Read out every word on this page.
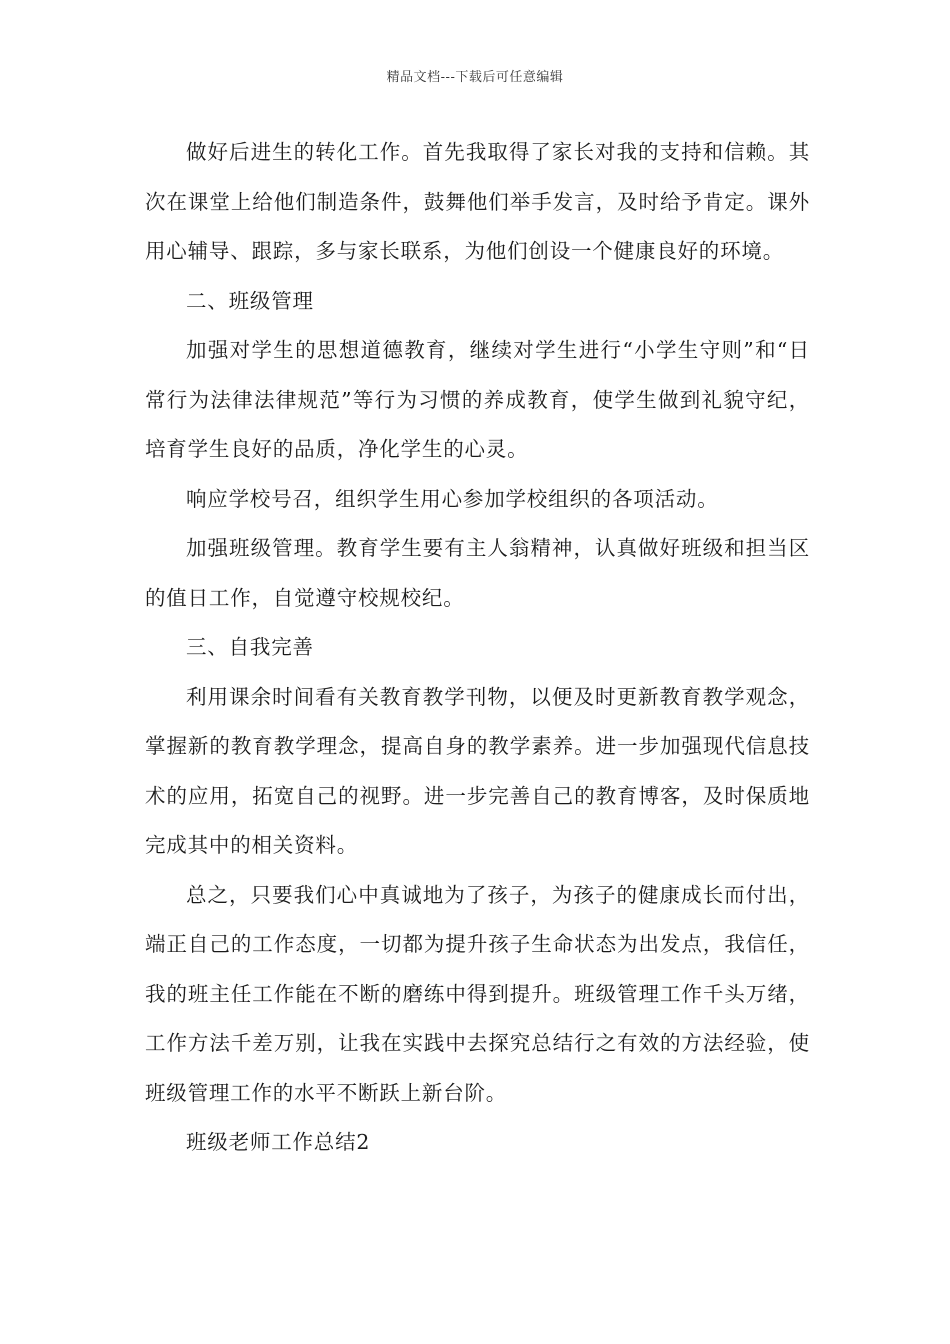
精品文档---下载后可任意编辑

做好后进生的转化工作。首先我取得了家长对我的支持和信赖。其次在课堂上给他们制造条件，鼓舞他们举手发言，及时给予肯定。课外用心辅导、跟踪，多与家长联系，为他们创设一个健康良好的环境。

二、班级管理

加强对学生的思想道德教育，继续对学生进行“小学生守则”和“日常行为法律法律规范”等行为习惯的养成教育，使学生做到礼貌守纪，培育学生良好的品质，净化学生的心灵。

响应学校号召，组织学生用心参加学校组织的各项活动。

加强班级管理。教育学生要有主人翁精神，认真做好班级和担当区的值日工作，自觉遵守校规校纪。

三、自我完善

利用课余时间看有关教育教学刊物，以便及时更新教育教学观念，掌握新的教育教学理念，提高自身的教学素养。进一步加强现代信息技术的应用，拓宽自己的视野。进一步完善自己的教育博客，及时保质地完成其中的相关资料。

总之，只要我们心中真诚地为了孩子，为孩子的健康成长而付出，端正自己的工作态度，一切都为提升孩子生命状态为出发点，我信任，我的班主任工作能在不断的磨练中得到提升。班级管理工作千头万绪，工作方法千差万别，让我在实践中去探究总结行之有效的方法经验，使班级管理工作的水平不断跃上新台阶。

班级老师工作总结2
